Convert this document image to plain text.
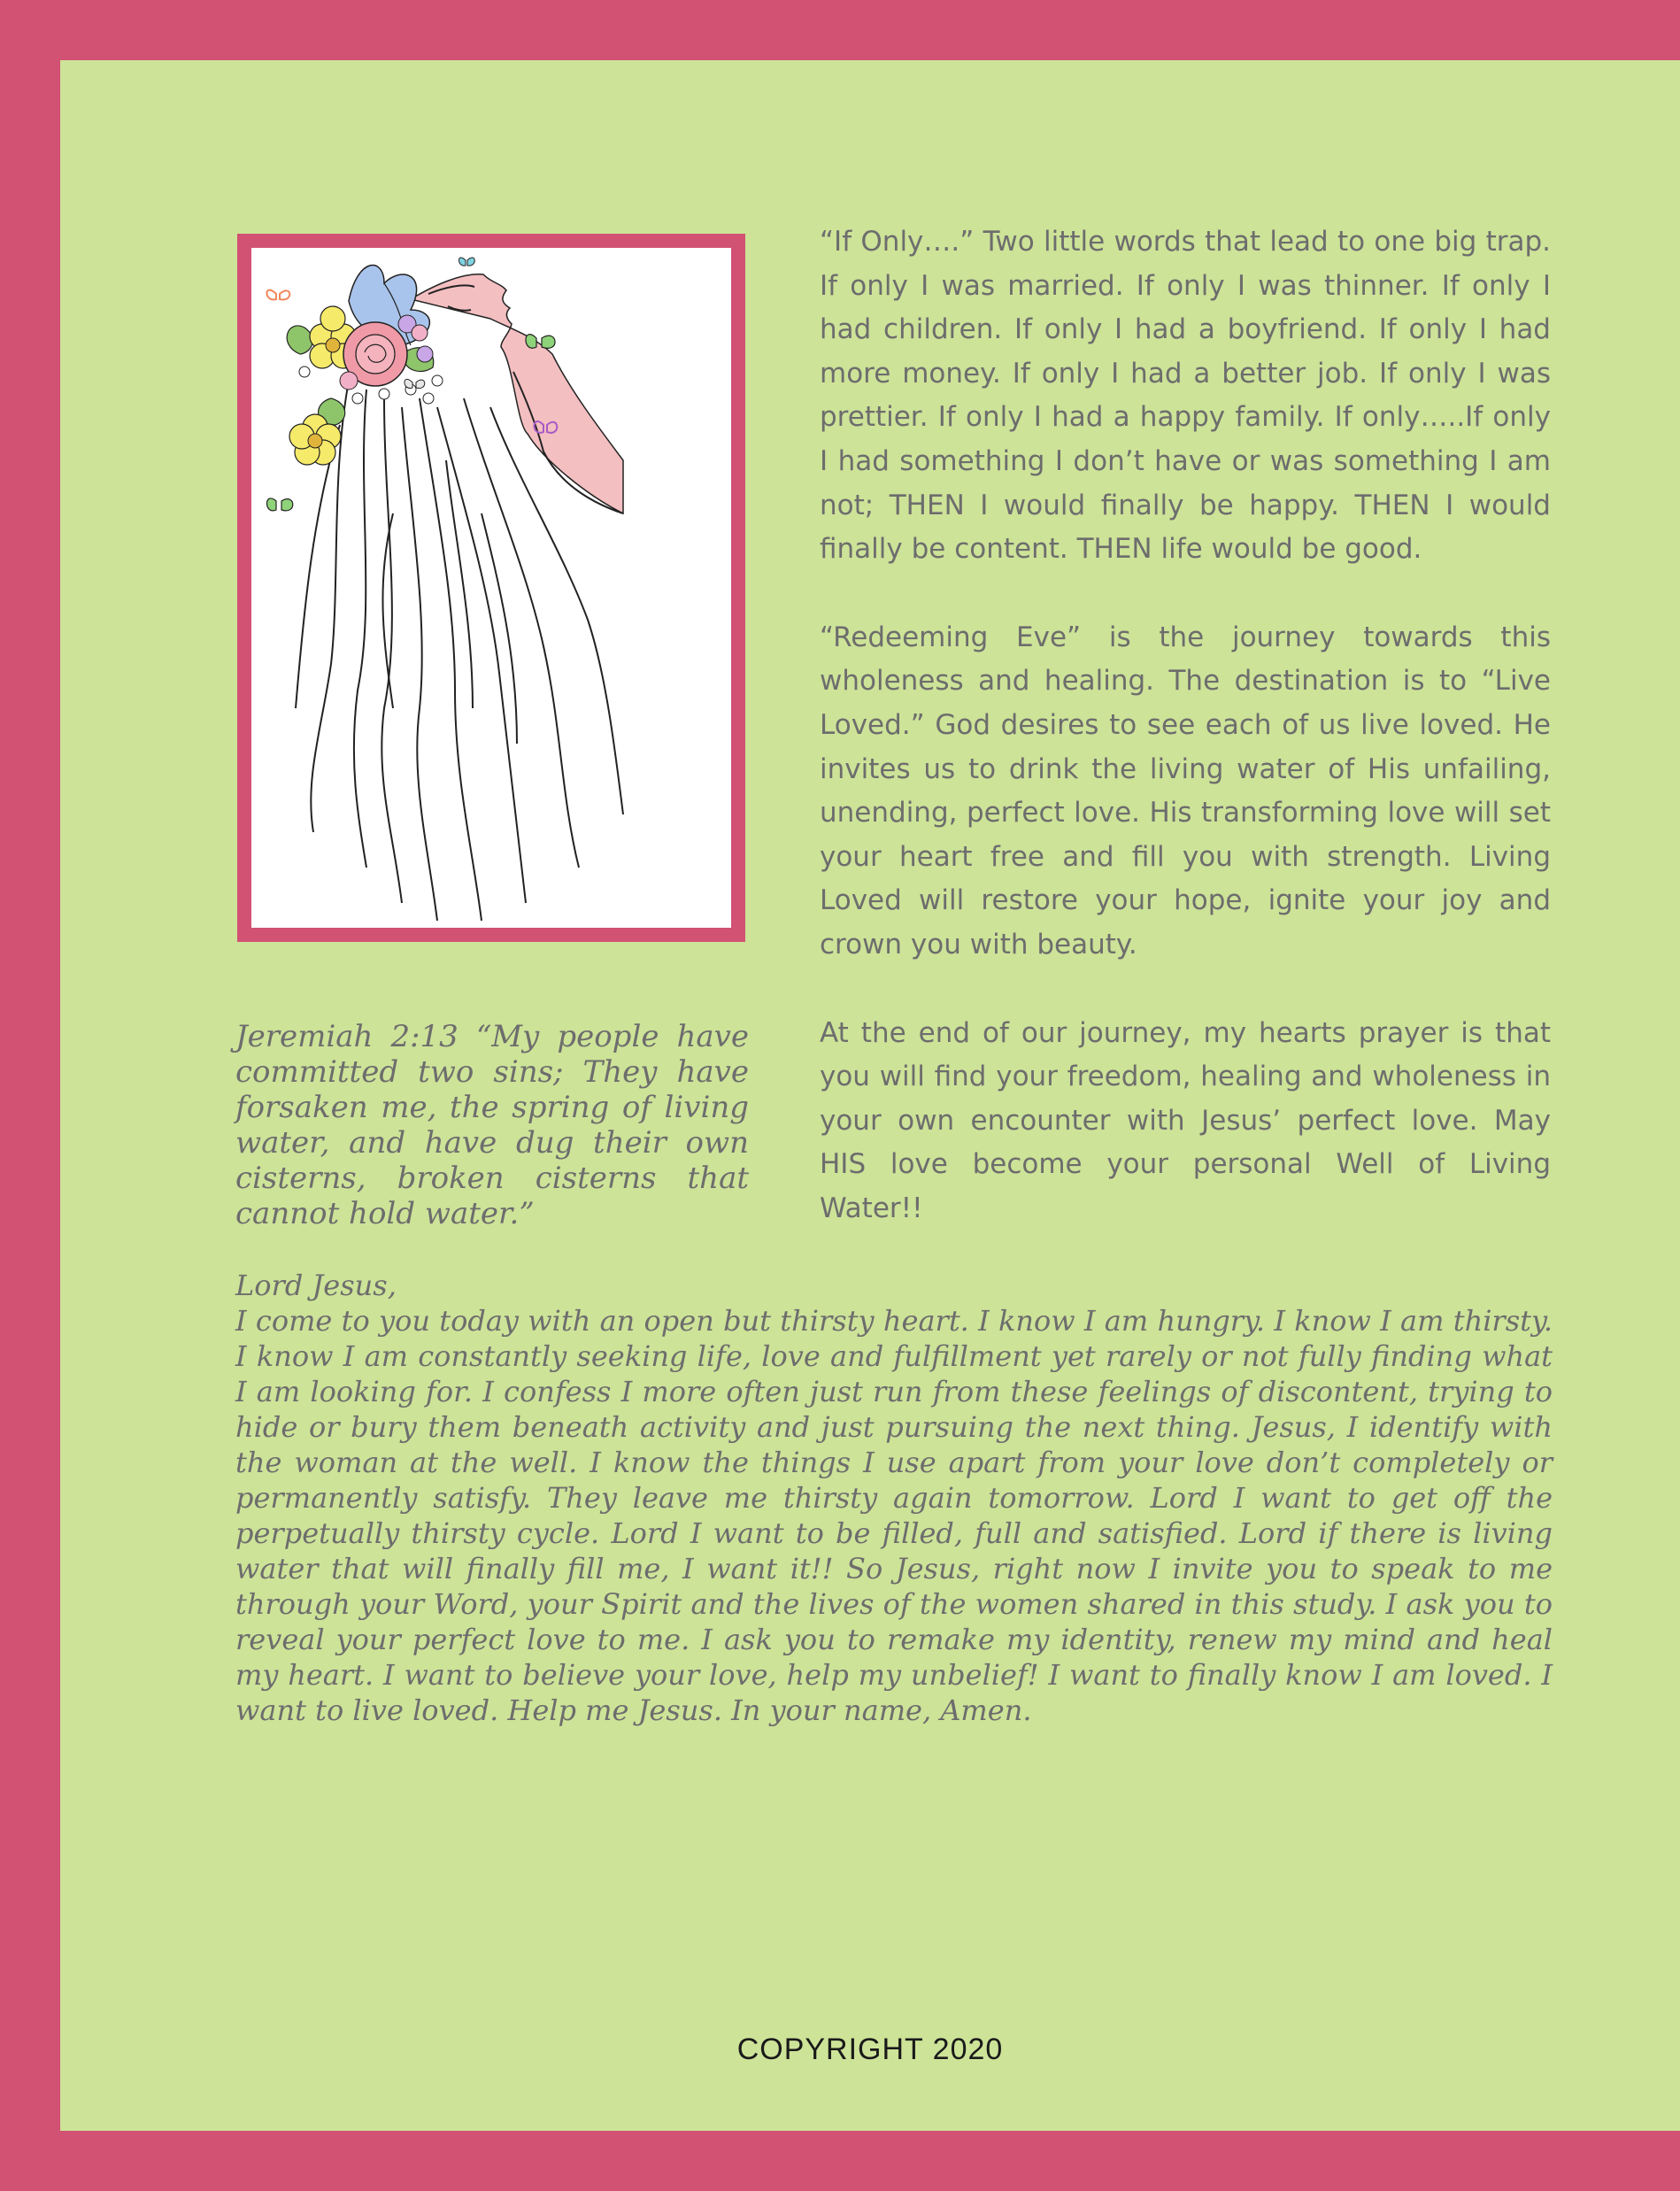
“If Only….” Two little words that lead to one big trap. If only I was married. If only I was thinner. If only I had children. If only I had a boyfriend. If only I had more money. If only I had a better job. If only I was prettier. If only I had a happy family. If only…..If only I had something I don’t have or was something I am not; THEN I would finally be happy. THEN I would finally be content. THEN life would be good.

“Redeeming Eve” is the journey towards this wholeness and healing. The destination is to “Live Loved.” God desires to see each of us live loved. He invites us to drink the living water of His unfailing, unending, perfect love. His transforming love will set your heart free and fill you with strength. Living Loved will restore your hope, ignite your joy and crown you with beauty.

At the end of our journey, my hearts prayer is that you will find your freedom, healing and wholeness in your own encounter with Jesus’ perfect love. May HIS love become your personal Well of Living Water!!

Jeremiah 2:13 “My people have committed two sins; They have forsaken me, the spring of living water, and have dug their own cisterns, broken cisterns that cannot hold water.”
Lord Jesus,
I come to you today with an open but thirsty heart. I know I am hungry. I know I am thirsty. I know I am constantly seeking life, love and fulfillment yet rarely or not fully finding what I am looking for. I confess I more often just run from these feelings of discontent, trying to hide or bury them beneath activity and just pursuing the next thing. Jesus, I identify with the woman at the well. I know the things I use apart from your love don’t completely or permanently satisfy. They leave me thirsty again tomorrow. Lord I want to get off the perpetually thirsty cycle. Lord I want to be filled, full and satisfied. Lord if there is living water that will finally fill me, I want it!! So Jesus, right now I invite you to speak to me through your Word, your Spirit and the lives of the women shared in this study. I ask you to reveal your perfect love to me. I ask you to remake my identity, renew my mind and heal my heart. I want to believe your love, help my unbelief! I want to finally know I am loved. I want to live loved. Help me Jesus. In your name, Amen.
COPYRIGHT 2020
